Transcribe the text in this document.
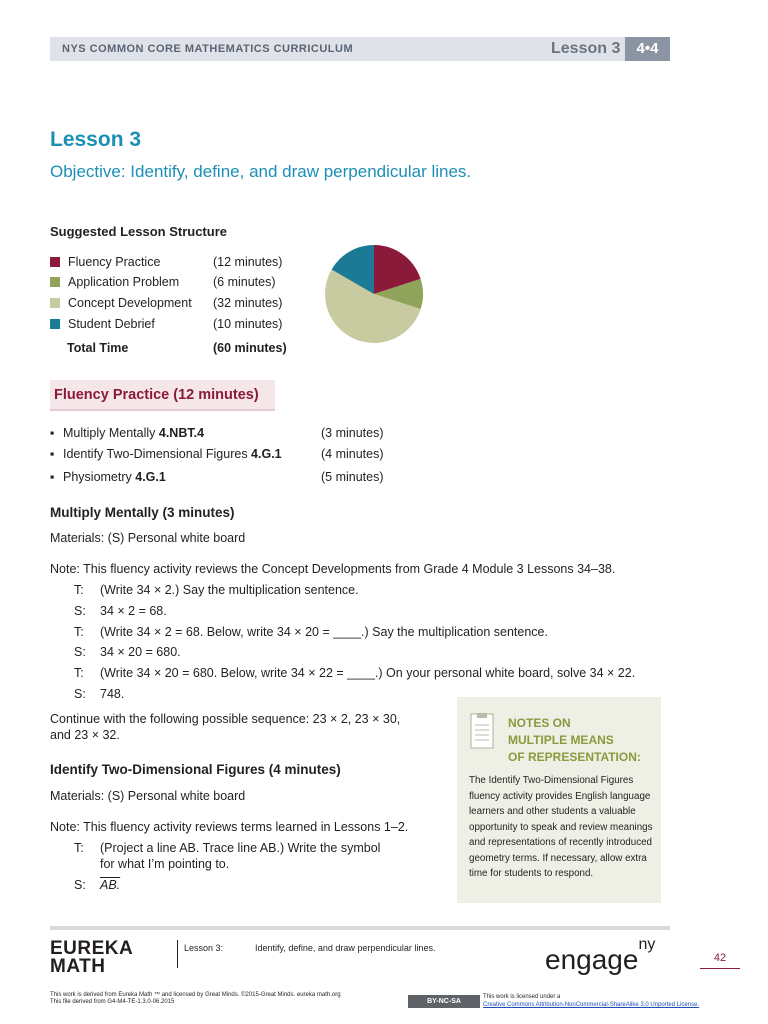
NYS COMMON CORE MATHEMATICS CURRICULUM	Lesson 3	4•4
Lesson 3
Objective: Identify, define, and draw perpendicular lines.
Suggested Lesson Structure
Fluency Practice	(12 minutes)
Application Problem	(6 minutes)
Concept Development	(32 minutes)
Student Debrief	(10 minutes)
Total Time	(60 minutes)
Fluency Practice (12 minutes)
▪ Multiply Mentally 4.NBT.4	(3 minutes)
▪ Identify Two-Dimensional Figures 4.G.1	(4 minutes)
▪ Physiometry 4.G.1	(5 minutes)
Multiply Mentally (3 minutes)
Materials: (S) Personal white board
Note: This fluency activity reviews the Concept Developments from Grade 4 Module 3 Lessons 34–38.
T: (Write 34 × 2.) Say the multiplication sentence.
S: 34 × 2 = 68.
T: (Write 34 × 2 = 68. Below, write 34 × 20 = ____.) Say the multiplication sentence.
S: 34 × 20 = 680.
T: (Write 34 × 20 = 680. Below, write 34 × 22 = ____.) On your personal white board, solve 34 × 22.
S: 748.
Continue with the following possible sequence: 23 × 2, 23 × 30,
and 23 × 32.
Identify Two-Dimensional Figures (4 minutes)
Materials: (S) Personal white board
Note: This fluency activity reviews terms learned in Lessons 1–2.
T: (Project a line AB. Trace line AB.) Write the symbol
for what I’m pointing to.
S: AB.
NOTES ON
MULTIPLE MEANS
OF REPRESENTATION:
The Identify Two-Dimensional Figures fluency activity provides English language learners and other students a valuable opportunity to speak and review meanings and representations of recently introduced geometry terms. If necessary, allow extra time for students to respond.
EUREKA
MATH
Lesson 3:	Identify, define, and draw perpendicular lines.	engage$^{ny}$
42
This work is derived from Eureka Math ™ and licensed by Great Minds. ©2015-Great Minds. eureka math.org
This file derived from G4-M4-TE-1.3.0-06.2015	BY-NC-SA
This work is licensed under a
Creative Commons Attribution-NonCommercial-ShareAlike 3.0 Unported License.
